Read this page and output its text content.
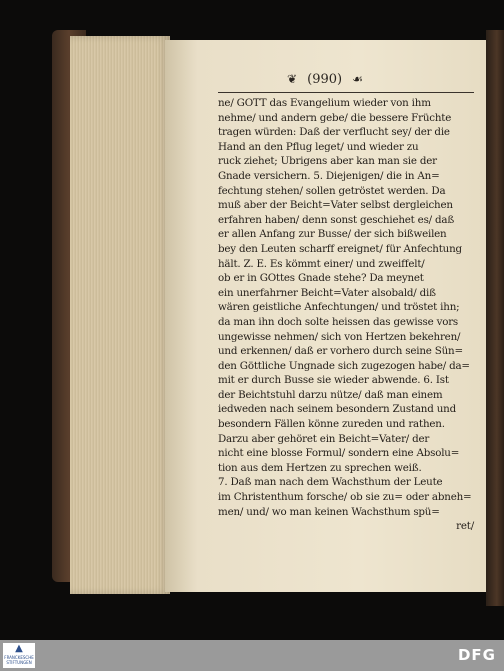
❦ (990) ☙
ne/ GOTT das Evangelium wieder von ihm
nehme/ und andern gebe/ die bessere Früchte
tragen würden: Daß der verflucht sey/ der die
Hand an den Pflug leget/ und wieder zu
ruck ziehet; Ubrigens aber kan man sie der
Gnade versichern. 5. Diejenigen/ die in An=
fechtung stehen/ sollen getröstet werden. Da
muß aber der Beicht=Vater selbst dergleichen
erfahren haben/ denn sonst geschiehet es/ daß
er allen Anfang zur Busse/ der sich bißweilen
bey den Leuten scharff ereignet/ für Anfechtung
hält. Z. E. Es kömmt einer/ und zweiffelt/
ob er in GOttes Gnade stehe? Da meynet
ein unerfahrner Beicht=Vater alsobald/ diß
wären geistliche Anfechtungen/ und tröstet ihn;
da man ihn doch solte heissen das gewisse vors
ungewisse nehmen/ sich von Hertzen bekehren/
und erkennen/ daß er vorhero durch seine Sün=
den Göttliche Ungnade sich zugezogen habe/ da=
mit er durch Busse sie wieder abwende. 6. Ist
der Beichtstuhl darzu nütze/ daß man einem
iedweden nach seinem besondern Zustand und
besondern Fällen könne zureden und rathen.
Darzu aber gehöret ein Beicht=Vater/ der
nicht eine blosse Formul/ sondern eine Absolu=
tion aus dem Hertzen zu sprechen weiß.
7. Daß man nach dem Wachsthum der Leute
im Christenthum forsche/ ob sie zu= oder abneh=
men/ und/ wo man keinen Wachsthum spü=
ret/
▲
FRANCKESCHE STIFTUNGEN	DFG
